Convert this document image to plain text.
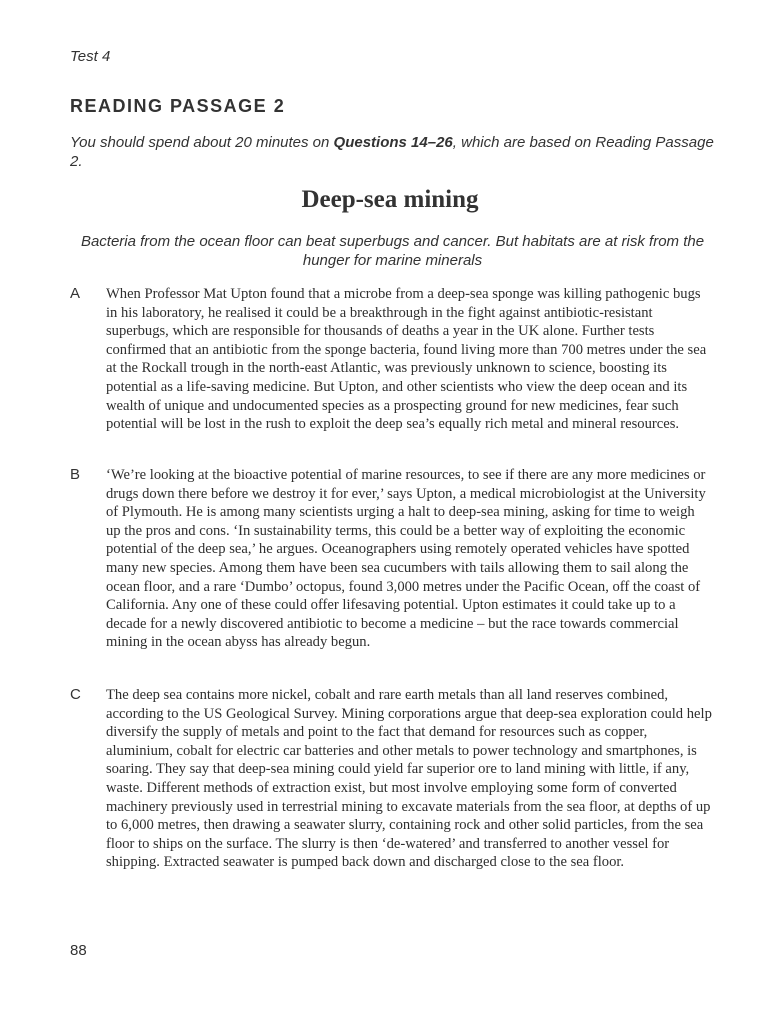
Test 4
READING PASSAGE 2
You should spend about 20 minutes on Questions 14–26, which are based on Reading Passage 2.
Deep-sea mining
Bacteria from the ocean floor can beat superbugs and cancer. But habitats are at risk from the hunger for marine minerals
A When Professor Mat Upton found that a microbe from a deep-sea sponge was killing pathogenic bugs in his laboratory, he realised it could be a breakthrough in the fight against antibiotic-resistant superbugs, which are responsible for thousands of deaths a year in the UK alone. Further tests confirmed that an antibiotic from the sponge bacteria, found living more than 700 metres under the sea at the Rockall trough in the north-east Atlantic, was previously unknown to science, boosting its potential as a life-saving medicine. But Upton, and other scientists who view the deep ocean and its wealth of unique and undocumented species as a prospecting ground for new medicines, fear such potential will be lost in the rush to exploit the deep sea’s equally rich metal and mineral resources.
B ‘We’re looking at the bioactive potential of marine resources, to see if there are any more medicines or drugs down there before we destroy it for ever,’ says Upton, a medical microbiologist at the University of Plymouth. He is among many scientists urging a halt to deep-sea mining, asking for time to weigh up the pros and cons. ‘In sustainability terms, this could be a better way of exploiting the economic potential of the deep sea,’ he argues. Oceanographers using remotely operated vehicles have spotted many new species. Among them have been sea cucumbers with tails allowing them to sail along the ocean floor, and a rare ‘Dumbo’ octopus, found 3,000 metres under the Pacific Ocean, off the coast of California. Any one of these could offer lifesaving potential. Upton estimates it could take up to a decade for a newly discovered antibiotic to become a medicine – but the race towards commercial mining in the ocean abyss has already begun.
C The deep sea contains more nickel, cobalt and rare earth metals than all land reserves combined, according to the US Geological Survey. Mining corporations argue that deep-sea exploration could help diversify the supply of metals and point to the fact that demand for resources such as copper, aluminium, cobalt for electric car batteries and other metals to power technology and smartphones, is soaring. They say that deep-sea mining could yield far superior ore to land mining with little, if any, waste. Different methods of extraction exist, but most involve employing some form of converted machinery previously used in terrestrial mining to excavate materials from the sea floor, at depths of up to 6,000 metres, then drawing a seawater slurry, containing rock and other solid particles, from the sea floor to ships on the surface. The slurry is then ‘de-watered’ and transferred to another vessel for shipping. Extracted seawater is pumped back down and discharged close to the sea floor.
88
